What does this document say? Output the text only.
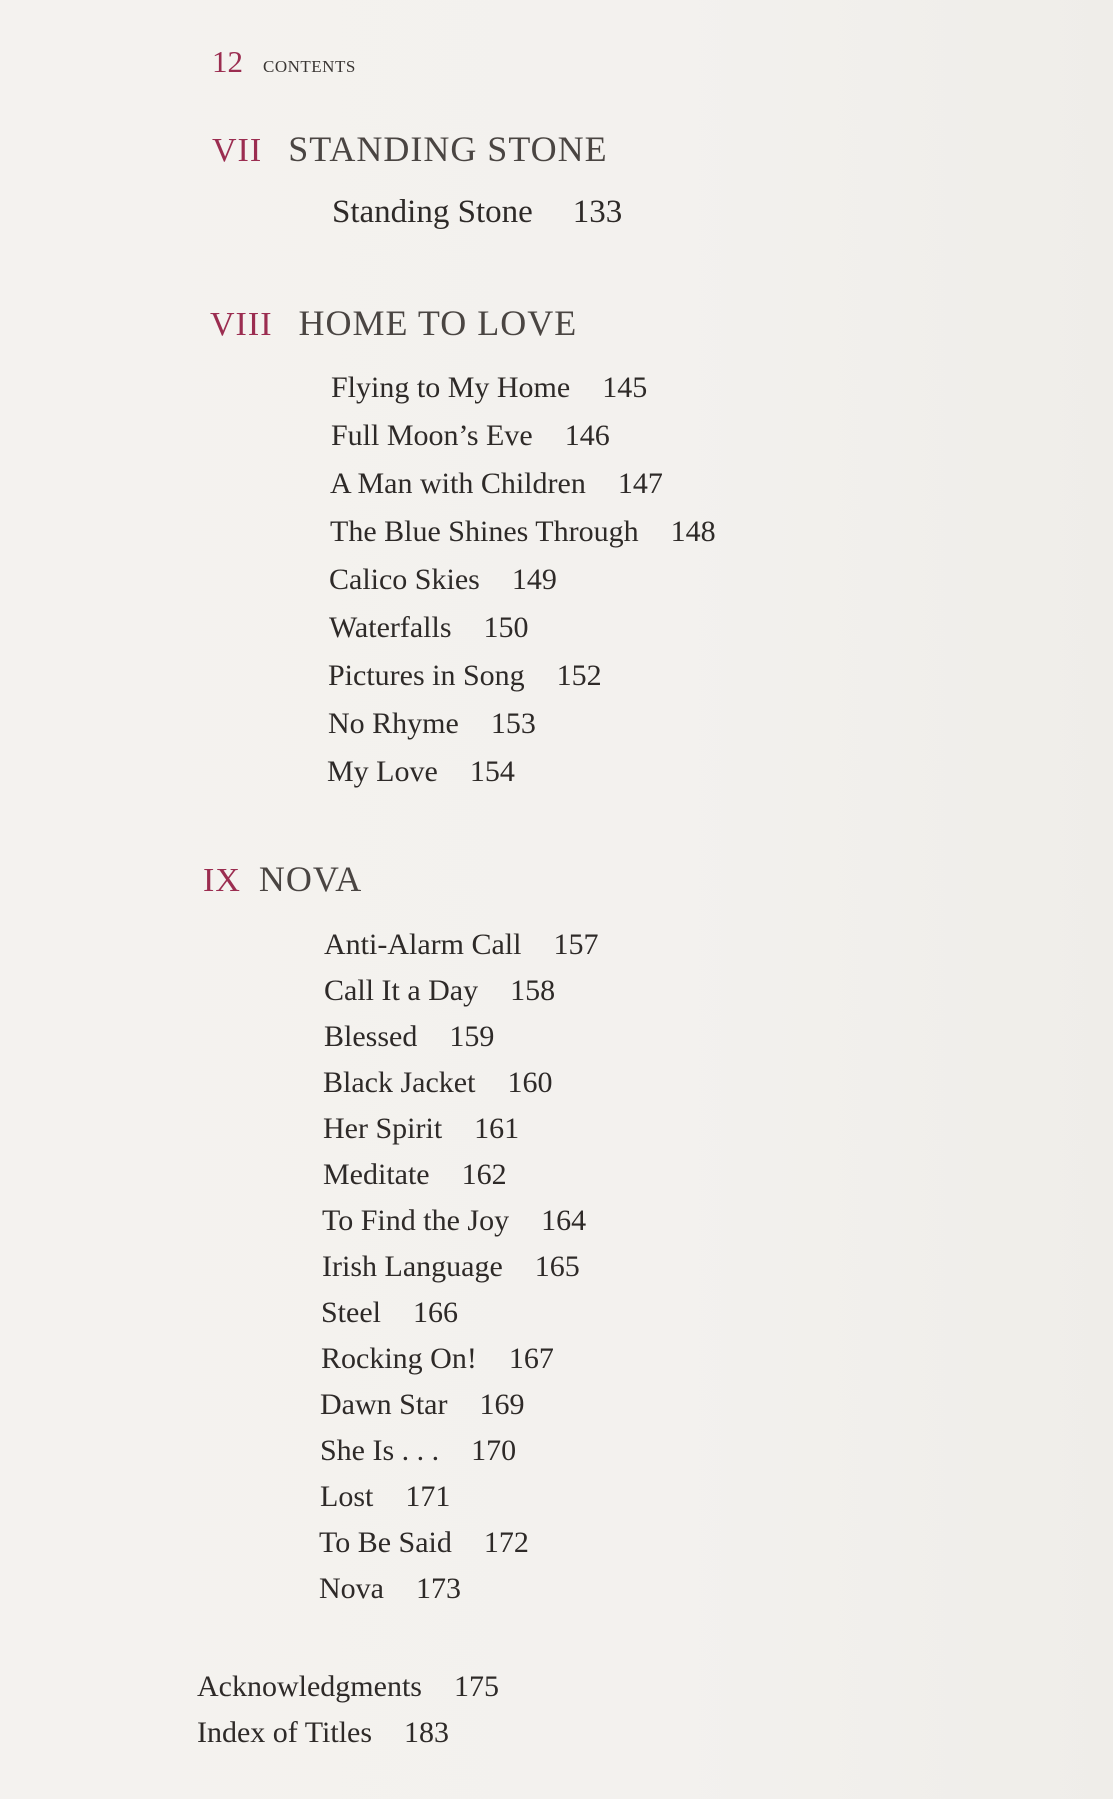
12 contents
VII STANDING STONE
Standing Stone 133
VIII HOME TO LOVE
Flying to My Home 145
Full Moon’s Eve 146
A Man with Children 147
The Blue Shines Through 148
Calico Skies 149
Waterfalls 150
Pictures in Song 152
No Rhyme 153
My Love 154
IX NOVA
Anti-Alarm Call 157
Call It a Day 158
Blessed 159
Black Jacket 160
Her Spirit 161
Meditate 162
To Find the Joy 164
Irish Language 165
Steel 166
Rocking On! 167
Dawn Star 169
She Is . . . 170
Lost 171
To Be Said 172
Nova 173
Acknowledgments 175
Index of Titles 183
